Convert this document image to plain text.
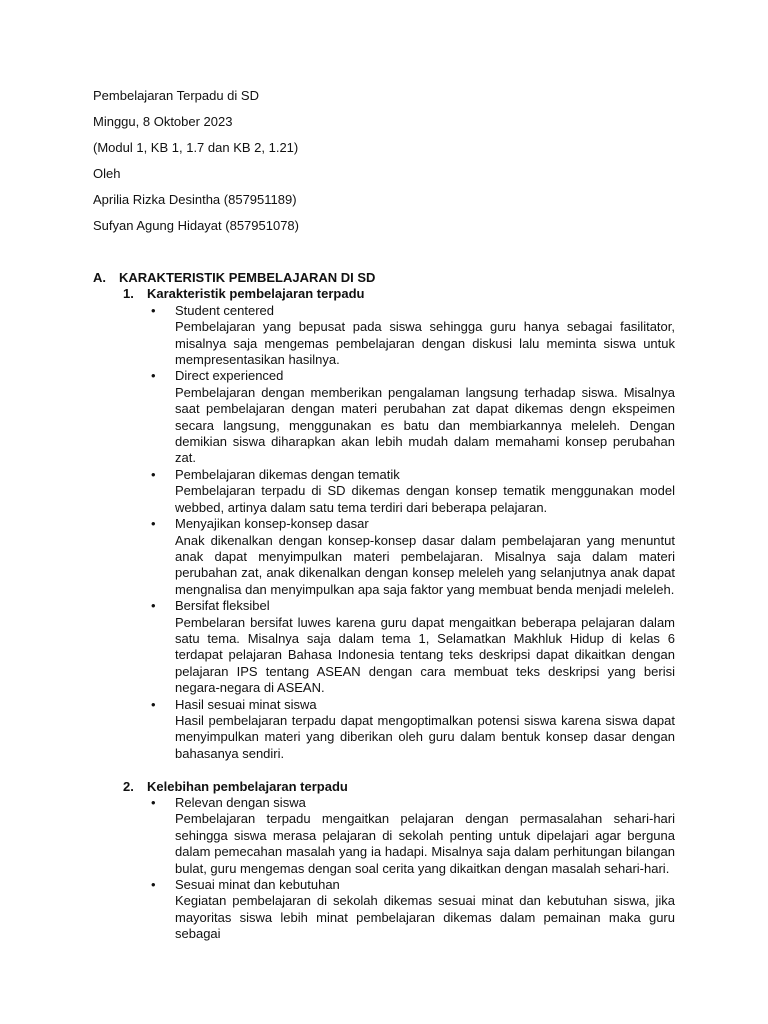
Pembelajaran Terpadu di SD

Minggu, 8 Oktober 2023

(Modul 1, KB 1, 1.7 dan KB 2, 1.21)

Oleh

Aprilia Rizka Desintha (857951189)

Sufyan Agung Hidayat (857951078)

A. KARAKTERISTIK PEMBELAJARAN DI SD
1. Karakteristik pembelajaran terpadu
• Student centered
Pembelajaran yang bepusat pada siswa sehingga guru hanya sebagai fasilitator, misalnya saja mengemas pembelajaran dengan diskusi lalu meminta siswa untuk mempresentasikan hasilnya.
• Direct experienced
Pembelajaran dengan memberikan pengalaman langsung terhadap siswa. Misalnya saat pembelajaran dengan materi perubahan zat dapat dikemas dengn ekspeimen secara langsung, menggunakan es batu dan membiarkannya meleleh. Dengan demikian siswa diharapkan akan lebih mudah dalam memahami konsep perubahan zat.
• Pembelajaran dikemas dengan tematik
Pembelajaran terpadu di SD dikemas dengan konsep tematik menggunakan model webbed, artinya dalam satu tema terdiri dari beberapa pelajaran.
• Menyajikan konsep-konsep dasar
Anak dikenalkan dengan konsep-konsep dasar dalam pembelajaran yang menuntut anak dapat menyimpulkan materi pembelajaran. Misalnya saja dalam materi perubahan zat, anak dikenalkan dengan konsep meleleh yang selanjutnya anak dapat mengnalisa dan menyimpulkan apa saja faktor yang membuat benda menjadi meleleh.
• Bersifat fleksibel
Pembelaran bersifat luwes karena guru dapat mengaitkan beberapa pelajaran dalam satu tema. Misalnya saja dalam tema 1, Selamatkan Makhluk Hidup di kelas 6 terdapat pelajaran Bahasa Indonesia tentang teks deskripsi dapat dikaitkan dengan pelajaran IPS tentang ASEAN dengan cara membuat teks deskripsi yang berisi negara-negara di ASEAN.
• Hasil sesuai minat siswa
Hasil pembelajaran terpadu dapat mengoptimalkan potensi siswa karena siswa dapat menyimpulkan materi yang diberikan oleh guru dalam bentuk konsep dasar dengan bahasanya sendiri.
2. Kelebihan pembelajaran terpadu
• Relevan dengan siswa
Pembelajaran terpadu mengaitkan pelajaran dengan permasalahan sehari-hari sehingga siswa merasa pelajaran di sekolah penting untuk dipelajari agar berguna dalam pemecahan masalah yang ia hadapi. Misalnya saja dalam perhitungan bilangan bulat, guru mengemas dengan soal cerita yang dikaitkan dengan masalah sehari-hari.
• Sesuai minat dan kebutuhan
Kegiatan pembelajaran di sekolah dikemas sesuai minat dan kebutuhan siswa, jika mayoritas siswa lebih minat pembelajaran dikemas dalam pemainan maka guru sebagai
